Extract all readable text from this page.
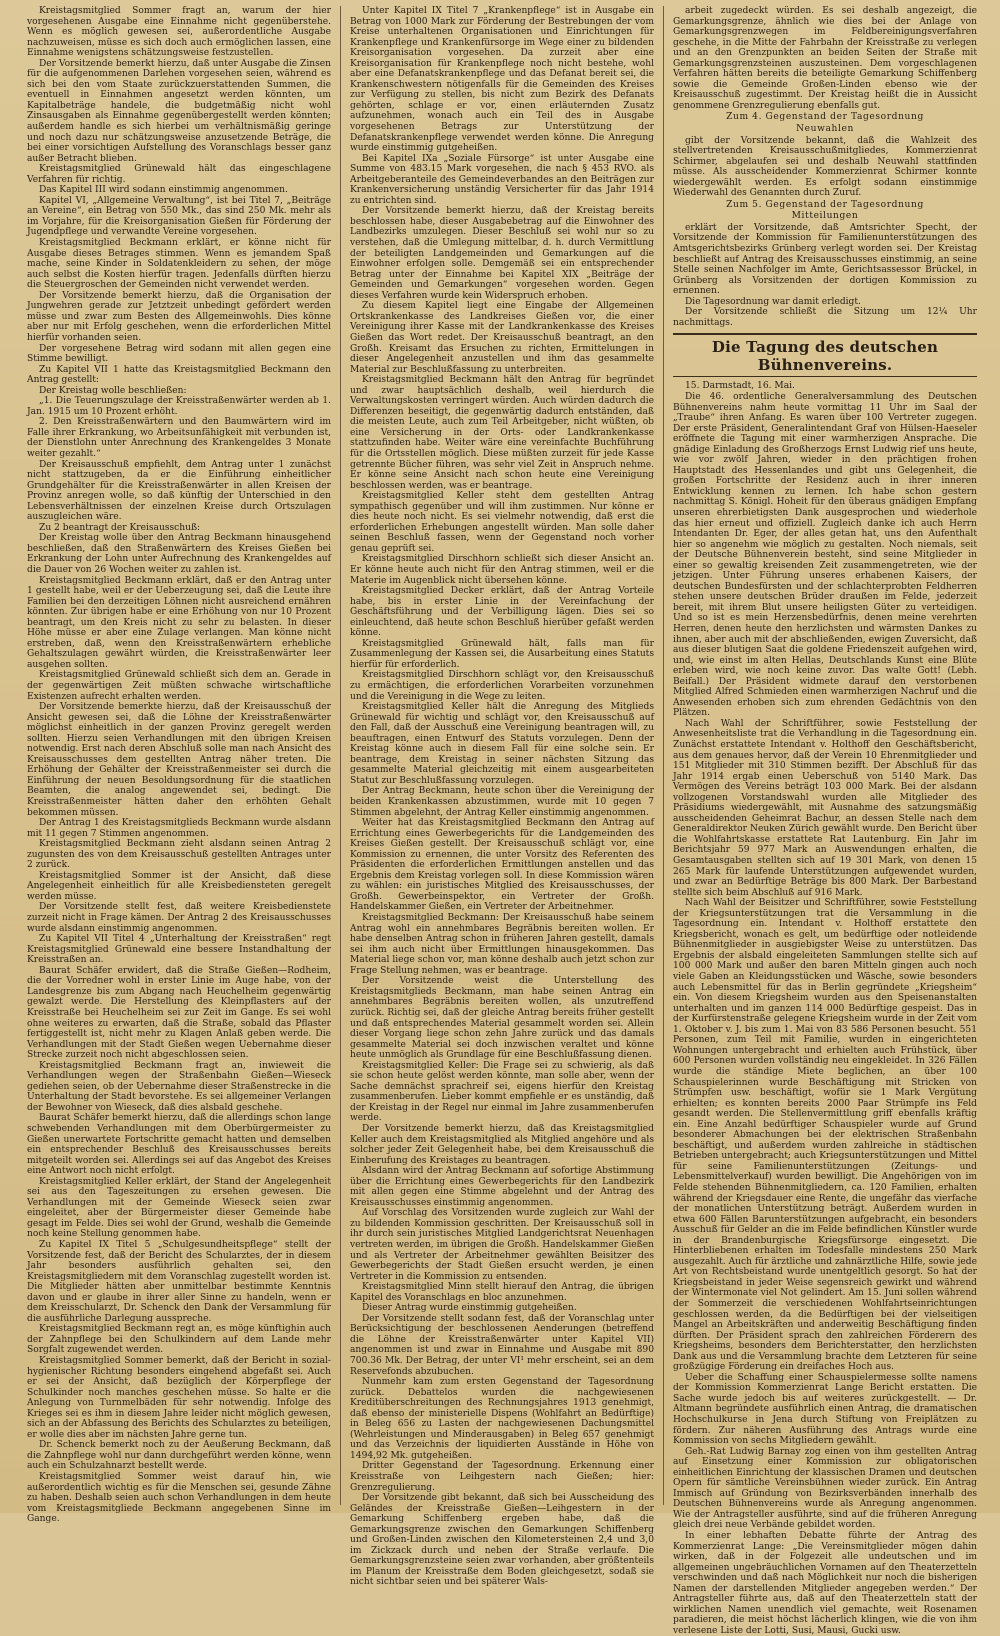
Kreistagsmitglied Sommer fragt an, warum der hier vorgesehenen Ausgabe eine Einnahme nicht gegenüberstehe. Wenn es möglich gewesen sei, außerordentliche Ausgabe nachzuweisen, müsse es sich doch auch ermöglichen lassen, eine Einnahme wenigstens schätzungsweise festzustellen.

Der Vorsitzende bemerkt hierzu, daß unter Ausgabe die Zinsen für die aufgenommenen Darlehen vorgesehen seien, während es sich bei den vom Staate zurückzuerstattenden Summen, die eventuell in Einnahmen angesetzt werden könnten, um Kapitalbeträge handele, die budgetmäßig nicht wohl Zinsausgaben als Einnahme gegenübergestellt werden könnten; außerdem handle es sich hierbei um verhältnismäßig geringe und noch dazu nur schätzungsweise anzusetzende Beträge, die bei einer vorsichtigen Aufstellung des Voranschlags besser ganz außer Betracht blieben.

Kreistagsmitglied Grünewald hält das eingeschlagene Verfahren für richtig.

Das Kapitel III wird sodann einstimmig angenommen.

Kapitel VI, „Allgemeine Verwaltung“, ist bei Titel 7, „Beiträge an Vereine“, ein Betrag von 550 Mk., das sind 250 Mk. mehr als im Vorjahre, für die Kreisorganisation Gießen für Förderung der Jugendpflege und verwandte Vereine vorgesehen.

Kreistagsmitglied Beckmann erklärt, er könne nicht für Ausgabe dieses Betrages stimmen. Wenn es jemandem Spaß mache, seine Kinder in Soldatenkleidern zu sehen, der möge auch selbst die Kosten hierfür tragen. Jedenfalls dürften hierzu die Steuergroschen der Gemeinden nicht verwendet werden.

Der Vorsitzende bemerkt hierzu, daß die Organisation der Jungwehren gerade zur Jetztzeit unbedingt gefördert werden müsse und zwar zum Besten des Allgemeinwohls. Dies könne aber nur mit Erfolg geschehen, wenn die erforderlichen Mittel hierfür vorhanden seien.

Der vorgesehene Betrag wird sodann mit allen gegen eine Stimme bewilligt.

Zu Kapitel VII 1 hatte das Kreistagsmitglied Beckmann den Antrag gestellt:

Der Kreistag wolle beschließen:

„1. Die Teuerungszulage der Kreisstraßenwärter werden ab 1. Jan. 1915 um 10 Prozent erhöht.

2. Den Kreisstraßenwärtern und den Baumwärtern wird im Falle ihrer Erkrankung, wo Arbeitsunfähigkeit mit verbunden ist, der Dienstlohn unter Anrechnung des Krankengeldes 3 Monate weiter gezahlt.“

Der Kreisausschuß empfiehlt, dem Antrag unter 1 zunächst nicht stattzugeben, da er die Einführung einheitlicher Grundgehälter für die Kreisstraßenwärter in allen Kreisen der Provinz anregen wolle, so daß künftig der Unterschied in den Lebensverhältnissen der einzelnen Kreise durch Ortszulagen auszugleichen wäre.

Zu 2 beantragt der Kreisausschuß:

Der Kreistag wolle über den Antrag Beckmann hinausgehend beschließen, daß den Straßenwärtern des Kreises Gießen bei Erkrankung der Lohn unter Aufrechnung des Krankengeldes auf die Dauer von 26 Wochen weiter zu zahlen ist.

Kreistagsmitglied Beckmann erklärt, daß er den Antrag unter 1 gestellt habe, weil er der Ueberzeugung sei, daß die Leute ihre Familien bei den derzeitigen Löhnen nicht ausreichend ernähren könnten. Zur übrigen habe er eine Erhöhung von nur 10 Prozent beantragt, um den Kreis nicht zu sehr zu belasten. In dieser Höhe müsse er aber eine Zulage verlangen. Man könne nicht erstreben, daß, wenn den Kreisstraßenwärtern erhebliche Gehaltszulagen gewährt würden, die Kreisstraßenwärter leer ausgehen sollten.

Kreistagsmitglied Grünewald schließt sich dem an. Gerade in der gegenwärtigen Zeit müßten schwache wirtschaftliche Existenzen aufrecht erhalten werden.

Der Vorsitzende bemerkte hierzu, daß der Kreisausschuß der Ansicht gewesen sei, daß die Löhne der Kreisstraßenwärter möglichst einheitlich in der ganzen Provinz geregelt werden sollten. Hierzu seien Verhandlungen mit den übrigen Kreisen notwendig. Erst nach deren Abschluß solle man nach Ansicht des Kreisausschusses dem gestellten Antrag näher treten. Die Erhöhung der Gehälter der Kreisstraßenmeister sei durch die Einführung der neuen Besoldungsordnung für die staatlichen Beamten, die analog angewendet sei, bedingt. Die Kreisstraßenmeister hätten daher den erhöhten Gehalt bekommen müssen.

Der Antrag 1 des Kreistagsmitglieds Beckmann wurde alsdann mit 11 gegen 7 Stimmen angenommen.

Kreistagsmitglied Beckmann zieht alsdann seinen Antrag 2 zugunsten des von dem Kreisausschuß gestellten Antrages unter 2 zurück.

Kreistagsmitglied Sommer ist der Ansicht, daß diese Angelegenheit einheitlich für alle Kreisbediensteten geregelt werden müsse.

Der Vorsitzende stellt fest, daß weitere Kreisbedienstete zurzeit nicht in Frage kämen. Der Antrag 2 des Kreisausschusses wurde alsdann einstimmig angenommen.

Zu Kapitel VII Titel 4 „Unterhaltung der Kreisstraßen“ regt Kreistagsmitglied Grünewald eine bessere Instandhaltung der Kreisstraßen an.

Baurat Schäfer erwidert, daß die Straße Gießen—Rodheim, die der Vorredner wohl in erster Linie im Auge habe, von der Landesgrenze bis zum Abgang nach Heuchelheim gegenwärtig gewalzt werde. Die Herstellung des Kleinpflasters auf der Kreisstraße bei Heuchelheim sei zur Zeit im Gange. Es sei wohl ohne weiteres zu erwarten, daß die Straße, sobald das Pflaster fertiggestellt ist, nicht mehr zu Klagen Anlaß geben werde. Die Verhandlungen mit der Stadt Gießen wegen Uebernahme dieser Strecke zurzeit noch nicht abgeschlossen seien.

Kreistagsmitglied Beckmann fragt an, inwieweit die Verhandlungen wegen der Straßenbahn Gießen—Wieseck gediehen seien, ob der Uebernahme dieser Straßenstrecke in die Unterhaltung der Stadt bevorstehe. Es sei allgemeiner Verlangen der Bewohner von Wieseck, daß dies alsbald geschehe.

Baurat Schäfer bemerkt hierzu, daß die allerdings schon lange schwebenden Verhandlungen mit dem Oberbürgermeister zu Gießen unerwartete Fortschritte gemacht hatten und demselben ein entsprechender Beschluß des Kreisausschusses bereits mitgeteilt worden sei. Allerdings sei auf das Angebot des Kreises eine Antwort noch nicht erfolgt.

Kreistagsmitglied Keller erklärt, der Stand der Angelegenheit sei aus den Tageszeitungen zu ersehen gewesen. Die Verhandlungen mit der Gemeinde Wieseck seien zwar eingeleitet, aber der Bürgermeister dieser Gemeinde habe gesagt im Felde. Dies sei wohl der Grund, weshalb die Gemeinde noch keine Stellung genommen habe.

Zu Kapitel IX Titel 5 „Schulgesundheitspflege“ stellt der Vorsitzende fest, daß der Bericht des Schularztes, der in diesem Jahr besonders ausführlich gehalten sei, den Kreistagsmitgliedern mit dem Voranschlag zugestellt worden ist. Die Mitglieder hätten aber unmittelbar bestimmte Kenntnis davon und er glaube in ihrer aller Sinne zu handeln, wenn er dem Kreisschularzt, Dr. Schenck den Dank der Versammlung für die ausführliche Darlegung ausspreche.

Kreistagsmitglied Beckmann regt an, es möge künftighin auch der Zahnpflege bei den Schulkindern auf dem Lande mehr Sorgfalt zugewendet werden.

Kreistagsmitglied Sommer bemerkt, daß der Bericht in sozial-hygienischer Richtung besonders eingehend abgefaßt sei. Auch er sei der Ansicht, daß bezüglich der Körperpflege der Schulkinder noch manches geschehen müsse. So halte er die Anlegung von Turnmelbäden für sehr notwendig. Infolge des Krieges sei es ihm in diesem Jahre leider nicht möglich gewesen, sich an der Abfassung des Berichts des Schularztes zu beteiligen, er wolle dies aber im nächsten Jahre gerne tun.

Dr. Schenck bemerkt noch zu der Aeußerung Beckmann, daß die Zahnpflege wohl nur dann durchgeführt werden könne, wenn auch ein Schulzahnarzt bestellt werde.

Kreistagsmitglied Sommer weist darauf hin, wie außerordentlich wichtig es für die Menschen sei, gesunde Zähne zu haben. Deshalb seien auch schon Verhandlungen in dem heute vom Kreistagsmitgliede Beckmann angegebenen Sinne im Gange.

Unter Kapitel IX Titel 7 „Krankenpflege“ ist in Ausgabe ein Betrag von 1000 Mark zur Förderung der Bestrebungen der vom Kreise unterhaltenen Organisationen und Einrichtungen für Krankenpflege und Krankenfürsorge im Wege einer zu bildenden Kreisorganisation vorgesehen. Da zurzeit aber eine Kreisorganisation für Krankenpflege noch nicht bestehe, wohl aber eine Defanatskrankenpflege und das Defanat bereit sei, die Krankenschwestern nötigenfalls für die Gemeinden des Kreises zur Verfügung zu stellen, bis nicht zum Bezirk des Defanats gehörten, schlage er vor, einen erläuternden Zusatz aufzunehmen, wonach auch ein Teil des in Ausgabe vorgesehenen Betrags zur Unterstützung der Defanatskrankenpflege verwendet werden könne. Die Anregung wurde einstimmig gutgeheißen.

Bei Kapitel IXa „Soziale Fürsorge“ ist unter Ausgabe eine Summe von 483.15 Mark vorgesehen, die nach § 453 RVO. als Arbeitgeberanteile des Gemeindeverbandes an den Beiträgen zur Krankenversicherung unständig Versicherter für das Jahr 1914 zu entrichten sind.

Der Vorsitzende bemerkt hierzu, daß der Kreistag bereits beschlossen habe, dieser Ausgabebetrag auf die Einwohner des Landbezirks umzulegen. Dieser Beschluß sei wohl nur so zu verstehen, daß die Umlegung mittelbar, d. h. durch Vermittlung der beteiligten Landgemeinden und Gemarkungen auf die Einwohner erfolgen solle. Demgemäß sei ein entsprechender Betrag unter der Einnahme bei Kapitel XIX „Beiträge der Gemeinden und Gemarkungen“ vorgesehen worden. Gegen dieses Verfahren wurde kein Widerspruch erhoben.

Zu diesem Kapitel liegt eine Eingabe der Allgemeinen Ortskrankenkasse des Landkreises Gießen vor, die einer Vereinigung ihrer Kasse mit der Landkrankenkasse des Kreises Gießen das Wort redet. Der Kreisausschuß beantragt, an den Großh. Kreisamt das Ersuchen zu richten, Ermittelungen in dieser Angelegenheit anzustellen und ihm das gesammelte Material zur Beschlußfassung zu unterbreiten.

Kreistagsmitglied Beckmann hält den Antrag für begründet und zwar hauptsächlich deshalb, weil hierdurch die Verwaltungskosten verringert würden. Auch würden dadurch die Differenzen beseitigt, die gegenwärtig dadurch entständen, daß die meisten Leute, auch zum Teil Arbeitgeber, nicht wüßten, ob eine Versicherung in der Orts- oder Landkrankenkasse stattzufinden habe. Weiter wäre eine vereinfachte Buchführung für die Ortsstellen möglich. Diese müßten zurzeit für jede Kasse getrennte Bücher führen, was sehr viel Zeit in Anspruch nehme. Er könne seine Ansicht nach schon heute eine Vereinigung beschlossen werden, was er beantrage.

Kreistagsmitglied Keller steht dem gestellten Antrag sympathisch gegenüber und will ihm zustimmen. Nur könne er dies heute noch nicht. Es sei vielmehr notwendig, daß erst die erforderlichen Erhebungen angestellt würden. Man solle daher seinen Beschluß fassen, wenn der Gegenstand noch vorher genau geprüft sei.

Kreistagsmitglied Dirschhorn schließt sich dieser Ansicht an. Er könne heute auch nicht für den Antrag stimmen, weil er die Materie im Augenblick nicht übersehen könne.

Kreistagsmitglied Decker erklärt, daß der Antrag Vorteile habe, bis in erster Linie in der Vereinfachung der Geschäftsführung und der Verbilligung lägen. Dies sei so einleuchtend, daß heute schon Beschluß hierüber gefaßt werden könne.

Kreistagsmitglied Grünewald hält, falls man für Zusammenlegung der Kassen sei, die Ausarbeitung eines Statuts hierfür für erforderlich.

Kreistagsmitglied Dirschhorn schlägt vor, den Kreisausschuß zu ermächtigen, die erforderlichen Vorarbeiten vorzunehmen und die Vereinigung in die Wege zu leiten.

Kreistagsmitglied Keller hält die Anregung des Mitglieds Grünewald für wichtig und schlägt vor, den Kreisausschuß auf den Fall, daß der Ausschuß eine Vereinigung beantragen will, zu beauftragen, einen Entwurf des Statuts vorzulegen. Denn der Kreistag könne auch in diesem Fall für eine solche sein. Er beantrage, dem Kreistag in seiner nächsten Sitzung das gesammelte Material gleichzeitig mit einem ausgearbeiteten Statut zur Beschlußfassung vorzulegen.

Der Antrag Beckmann, heute schon über die Vereinigung der beiden Krankenkassen abzustimmen, wurde mit 10 gegen 7 Stimmen abgelehnt, der Antrag Keller einstimmig angenommen.

Weiter hat das Kreistagsmitglied Beckmann den Antrag auf Errichtung eines Gewerbegerichts für die Landgemeinden des Kreises Gießen gestellt. Der Kreisausschuß schlägt vor, eine Kommission zu ernennen, die unter Vorsitz des Referenten des Präsidenten die erforderlichen Ermittlungen anstellen und das Ergebnis dem Kreistag vorlegen soll. In diese Kommission wären zu wählen: ein juristisches Mitglied des Kreisausschusses, der Großh. Gewerbeinspektor, ein Vertreter der Großh. Handelskammer Gießen, ein Vertreter der Arbeitnehmer.

Kreistagsmitglied Beckmann: Der Kreisausschuß habe seinem Antrag wohl ein annehmbares Begräbnis bereiten wollen. Er habe denselben Antrag schon in früheren Jahren gestellt, damals sei ihm auch nicht über Ermittlungen hinausgekommen. Das Material liege schon vor, man könne deshalb auch jetzt schon zur Frage Stellung nehmen, was er beantrage.

Der Vorsitzende weist die Unterstellung des Kreistagsmitglieds Beckmann, man habe seinen Antrag ein annehmbares Begräbnis bereiten wollen, als unzutreffend zurück. Richtig sei, daß der gleiche Antrag bereits früher gestellt und daß entsprechendes Material gesammelt worden sei. Allein dieser Vorgang liege schon zehn Jahre zurück und das damals gesammelte Material sei doch inzwischen veraltet und könne heute unmöglich als Grundlage für eine Beschlußfassung dienen.

Kreistagsmitglied Keller: Die Frage sei zu schwierig, als daß sie schon heute gelöst werden könnte, man solle aber, wenn der Sache demnächst sprachreif sei, eigens hierfür den Kreistag zusammenberufen. Lieber kommt empfiehle er es unständig, daß der Kreistag in der Regel nur einmal im Jahre zusammenberufen werde.

Der Vorsitzende bemerkt hierzu, daß das Kreistagsmitglied Keller auch dem Kreistagsmitglied als Mitglied angehöre und als solcher jeder Zeit Gelegenheit habe, bei dem Kreisausschuß die Einberufung des Kreistages zu beantragen.

Alsdann wird der Antrag Beckmann auf sofortige Abstimmung über die Errichtung eines Gewerbegerichts für den Landbezirk mit allen gegen eine Stimme abgelehnt und der Antrag des Kreisausschusses einstimmig angenommen.

Auf Vorschlag des Vorsitzenden wurde zugleich zur Wahl der zu bildenden Kommission geschritten. Der Kreisausschuß soll in ihr durch sein juristisches Mitglied Landgerichtsrat Neuenhagen vertreten werden, im übrigen die Großh. Handelskammer Gießen und als Vertreter der Arbeitnehmer gewählten Beisitzer des Gewerbegerichts der Stadt Gießen ersucht werden, je einen Vertreter in die Kommission zu entsenden.

Kreistagsmitglied Minn stellt hierauf den Antrag, die übrigen Kapitel des Voranschlags en bloc anzunehmen.

Dieser Antrag wurde einstimmig gutgeheißen.

Der Vorsitzende stellt sodann fest, daß der Voranschlag unter Berücksichtigung der beschlossenen Aenderungen (betreffend die Löhne der Kreisstraßenwärter unter Kapitel VII) angenommen ist und zwar in Einnahme und Ausgabe mit 890 700.36 Mk. Der Betrag, der unter VI¹ mehr erscheint, sei an dem Reservefonds abzubuchen.

Nunmehr kam zum ersten Gegenstand der Tagesordnung zurück. Debattelos wurden die nachgewiesenen Kreditüberschreitungen des Rechnungsjahres 1913 genehmigt, daß ebenso der ministerielle Dispens (Wohlfahrt an Bedürftige) in Beleg 656 zu Lasten der nachgewiesenen Dachungsmittel (Wehrleistungen und Minderausgaben) in Beleg 657 genehmigt und das Verzeichnis der liquidierten Ausstände in Höhe von 1494,92 Mk. gutgeheißen.

Dritter Gegenstand der Tagesordnung. Erkennung einer Kreisstraße von Leihgestern nach Gießen; hier: Grenzregulierung.

Der Vorsitzende gibt bekannt, daß sich bei Ausscheidung des Geländes der Kreisstraße Gießen—Leihgestern in der Gemarkung Schiffenberg ergeben habe, daß die Gemarkungsgrenze zwischen den Gemarkungen Schiffenberg und Großen-Linden zwischen den Kilometersteinen 2,4 und 3,0 im Zickzack durch und neben der Straße verlaufe. Die Gemarkungsgrenzsteine seien zwar vorhanden, aber größtenteils im Planum der Kreisstraße dem Boden gleichgesetzt, sodaß sie nicht sichtbar seien und bei späterer Wals-

arbeit zugedeckt würden. Es sei deshalb angezeigt, die Gemarkungsgrenze, ähnlich wie dies bei der Anlage von Gemarkungsgrenzwegen im Feldbereinigungsverfahren geschehe, in die Mitte der Fahrbahn der Kreisstraße zu verlegen und an den Grenzpunkten an beiden Seiten der Straße mit Gemarkungsgrenzsteinen auszusteinen. Dem vorgeschlagenen Verfahren hätten bereits die beteiligte Gemarkung Schiffenberg sowie die Gemeinde Großen-Linden ebenso wie der Kreisausschuß zugestimmt. Der Kreistag heißt die in Aussicht genommene Grenzregulierung ebenfalls gut.

Zum 4. Gegenstand der Tagesordnung

Neuwahlen

gibt der Vorsitzende bekannt, daß die Wahlzeit des stellvertretenden Kreisausschußmitgliedes, Kommerzienrat Schirmer, abgelaufen sei und deshalb Neuwahl stattfinden müsse. Als ausscheidender Kommerzienrat Schirmer konnte wiedergewählt werden. Es erfolgt sodann einstimmige Wiederwahl des Genannten durch Zuruf.

Zum 5. Gegenstand der Tagesordnung

Mitteilungen

erklärt der Vorsitzende, daß Amtsrichter Specht, der Vorsitzende der Kommission für Familienunterstützungen des Amtsgerichtsbezirks Grünberg verlegt worden sei. Der Kreistag beschließt auf Antrag des Kreisausschusses einstimmig, an seine Stelle seinen Nachfolger im Amte, Gerichtsassessor Brückel, in Grünberg als Vorsitzenden der dortigen Kommission zu ernennen.

Die Tagesordnung war damit erledigt.

Der Vorsitzende schließt die Sitzung um 12¼ Uhr nachmittags.

Die Tagung des deutschen Bühnenvereins.

15. Darmstadt, 16. Mai.

Die 46. ordentliche Generalversammlung des Deutschen Bühnenvereins nahm heute vormittag 11 Uhr im Saal der „Traube“ ihren Anfang. Es waren über 100 Vertreter zugegen. Der erste Präsident, Generalintendant Graf von Hülsen-Haeseler eröffnete die Tagung mit einer warmherzigen Ansprache. Die gnädige Einladung des Großherzogs Ernst Ludwig rief uns heute, wie vor zwölf Jahren, wieder in den prächtigen frohen Hauptstadt des Hessenlandes und gibt uns Gelegenheit, die großen Fortschritte der Residenz auch in ihrer inneren Entwicklung kennen zu lernen. Ich habe schon gestern nachmittag S. Königl. Hoheit für den überaus gnädigen Empfang unseren ehrerbietigsten Dank ausgesprochen und wiederhole das hier erneut und offiziell. Zugleich danke ich auch Herrn Intendanten Dr. Eger, der alles getan hat, uns den Aufenthalt hier so angenehm wie möglich zu gestalten. Noch niemals, seit der Deutsche Bühnenverein besteht, sind seine Mitglieder in einer so gewaltig kreisenden Zeit zusammengetreten, wie der jetzigen. Unter Führung unseres erhabenen Kaisers, der deutschen Bundesfürsten und der schlachterprobten Feldherren stehen unsere deutschen Brüder draußen im Felde, jederzeit bereit, mit ihrem Blut unsere heiligsten Güter zu verteidigen. Und so ist es mein Herzensbedürfnis, denen meine verehrten Herren, denen heute den herzlichsten und wärmsten Dankes zu ihnen, aber auch mit der abschließenden, ewigen Zuversicht, daß aus dieser blutigen Saat die goldene Friedenszeit aufgehen wird, und, wie einst im alten Hellas, Deutschlands Kunst eine Blüte erleben wird, wie noch keine zuvor. Das walte Gott! (Lebh. Beifall.) Der Präsident widmete darauf den verstorbenen Mitglied Alfred Schmieden einen warmherzigen Nachruf und die Anwesenden erhoben sich zum ehrenden Gedächtnis von den Plätzen.

Nach Wahl der Schriftführer, sowie Feststellung der Anwesenheitsliste trat die Verhandlung in die Tagesordnung ein. Zunächst erstattete Intendant v. Holthoff den Geschäftsbericht, aus dem genaues hervor, daß der Verein 10 Ehrenmitglieder und 151 Mitglieder mit 310 Stimmen bezifft. Der Abschluß für das Jahr 1914 ergab einen Ueberschuß von 5140 Mark. Das Vermögen des Vereins beträgt 103 000 Mark. Bei der alsdann vollzogenen Vorstandswahl wurden alle Mitglieder des Präsidiums wiedergewählt, mit Ausnahme des satzungsmäßig ausscheidenden Geheimrat Bachur, an dessen Stelle nach dem Generaldirektor Neuken Zürich gewählt wurde. Den Bericht über die Wohlfahrtskasse erstattete Rat Lautenburg. Ein Jahr im Berichtsjahr 59 977 Mark an Auswendungen erhalten, die Gesamtausgaben stellten sich auf 19 301 Mark, von denen 15 265 Mark für laufende Unterstützungen aufgewendet wurden, und zwar an Bedürftige Beträge bis 800 Mark. Der Barbestand stellte sich beim Abschluß auf 916 Mark.

Nach Wahl der Beisitzer und Schriftführer, sowie Feststellung der Kriegsunterstützungen trat die Versammlung in die Tagesordnung ein. Intendant v. Holthoff erstattete den Kriegsbericht, wonach es gelt, um bedürftige oder notleidende Bühnenmitglieder in ausgiebigster Weise zu unterstützen. Das Ergebnis der alsbald eingeleiteten Sammlungen stellte sich auf 100 000 Mark und außer den baren Mitteln gingen auch noch viele Gaben an Kleidungsstücken und Wäsche, sowie besonders auch Lebensmittel für das in Berlin gegründete „Kriegsheim“ ein. Von diesem Kriegsheim wurden aus den Speisenanstalten unterhalten und im ganzen 114 000 Bedürftige gespeist. Das in der Kurfürstenstraße gelegene Kriegsheim wurde in der Zeit vom 1. Oktober v. J. bis zum 1. Mai von 83 586 Personen besucht. 551 Personen, zum Teil mit Familie, wurden in eingerichteten Wohnungen untergebracht und erhielten auch Frühstück, über 600 Personen wurden vollständig neu eingekleidet. In 326 Fällen wurde die ständige Miete beglichen, an über 100 Schauspielerinnen wurde Beschäftigung mit Stricken von Strümpfen usw. beschäftigt, wofür sie 1 Mark Vergütung erhielten; es konnten bereits 2000 Paar Strümpfe ins Feld gesandt werden. Die Stellenvermittlung griff ebenfalls kräftig ein. Eine Anzahl bedürftiger Schauspieler wurde auf Grund besonderer Abmachungen bei der elektrischen Straßenbahn beschäftigt, und außerdem wurden zahlreiche in städtischen Betrieben untergebracht; auch Kriegsunterstützungen und Mittel für seine Familienunterstützungen (Zeitungs- und Lebensmittelverkauf) wurden bewilligt. Die Angehörigen von im Felde stehenden Bühnenmitgliedern, ca. 120 Familien, erhalten während der Kriegsdauer eine Rente, die ungefähr das vierfache der monatlichen Unterstützung beträgt. Außerdem wurden in etwa 600 Fällen Barunterstützungen aufgebracht, ein besonders Ausschuß für Gelder an die im Felde befindlichen Künstler wurde in der Brandenburgische Kriegsfürsorge eingesetzt. Die Hinterbliebenen erhalten im Todesfalle mindestens 250 Mark ausgezahlt. Auch für ärztliche und zahnärztliche Hilfe, sowie jede Art von Rechtsbeistand wurde unentgeltlich gesorgt. So hat der Kriegsbeistand in jeder Weise segensreich gewirkt und während der Wintermonate viel Not gelindert. Am 15. Juni sollen während der Sommerzeit die verschiedenen Wohlfahrtseinrichtungen geschlossen werden, da die Bedürftigen bei der vielseitigen Mangel an Arbeitskräften und anderweitig Beschäftigung finden dürften. Der Präsident sprach den zahlreichen Förderern des Kriegsheims, besonders dem Berichterstatter, den herzlichsten Dank aus und die Versammlung brachte dem Letzteren für seine großzügige Förderung ein dreifaches Hoch aus.

Ueber die Schaffung einer Schauspielermesse sollte namens der Kommission Kommerzienrat Lange Bericht erstatten. Die Sache wurde jedoch bis auf weiteres zurückgestellt. — Dr. Altmann begründete ausführlich einen Antrag, die dramatischen Hochschulkurse in Jena durch Stiftung von Freiplätzen zu fördern. Zur näheren Ausführung des Antrags wurde eine Kommission von sechs Mitgliedern gewählt.

Geh.-Rat Ludwig Barnay zog einen von ihm gestellten Antrag auf Einsetzung einer Kommission zur obligatorischen einheitlichen Einrichtung der klassischen Dramen und deutschen Opern für sämtliche Vereinsbühnen wieder zurück. Ein Antrag Immisch auf Gründung von Bezirksverbänden innerhalb des Deutschen Bühnenvereins wurde als Anregung angenommen. Wie der Antragsteller ausführte, sind auf die früheren Anregung gleich drei neue Verbände gebildet worden.

In einer lebhaften Debatte führte der Antrag des Kommerzienrat Lange: „Die Vereinsmitglieder mögen dahin wirken, daß in der Folgezeit alle undeutschen und im allgemeinen ungebräuchlichen Vornamen auf den Theaterzetteln verschwinden und daß nach Möglichkeit nur noch die bisherigen Namen der darstellenden Mitglieder angegeben werden.“ Der Antragsteller führte aus, daß auf den Theaterzetteln statt der wirklichen Namen unendlich viel gemachte, weit Rosenamen paradieren, die meist höchst lächerlich klingen, wie die von ihm verlesene Liste der Lotti, Susi, Mausi, Gucki usw.
